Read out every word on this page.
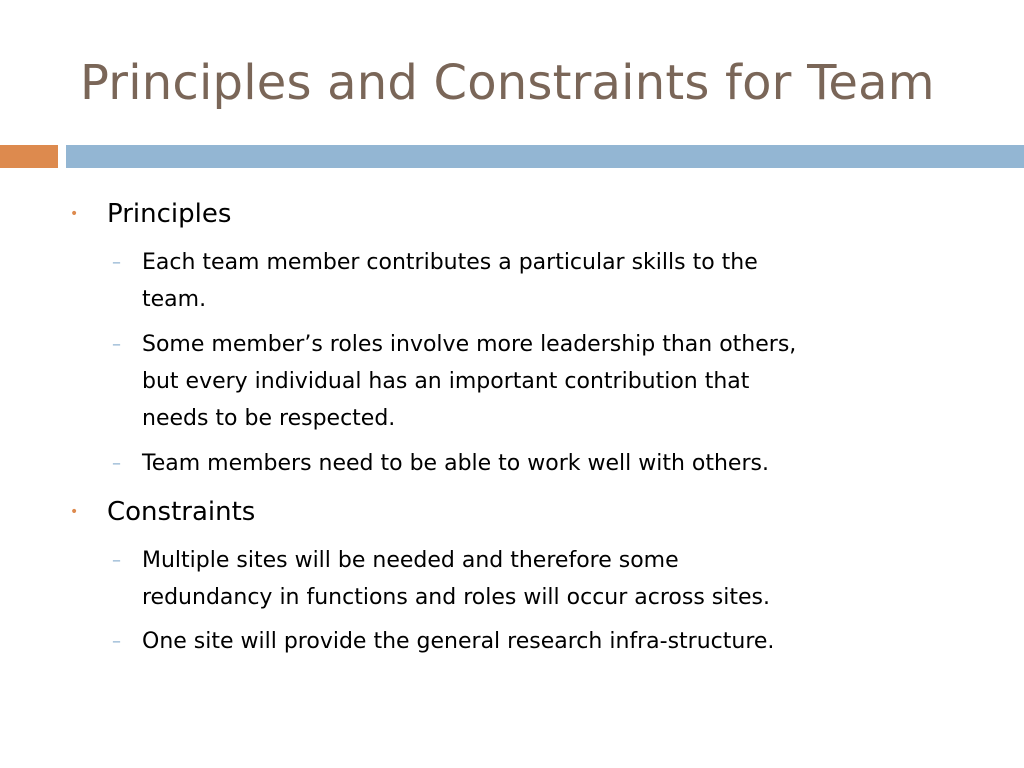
Principles and Constraints for Team
• Principles
– Each team member contributes a particular skills to the
team.
– Some member’s roles involve more leadership than others,
but every individual has an important contribution that
needs to be respected.
– Team members need to be able to work well with others.
• Constraints
– Multiple sites will be needed and therefore some
redundancy in functions and roles will occur across sites.
– One site will provide the general research infra-structure.
